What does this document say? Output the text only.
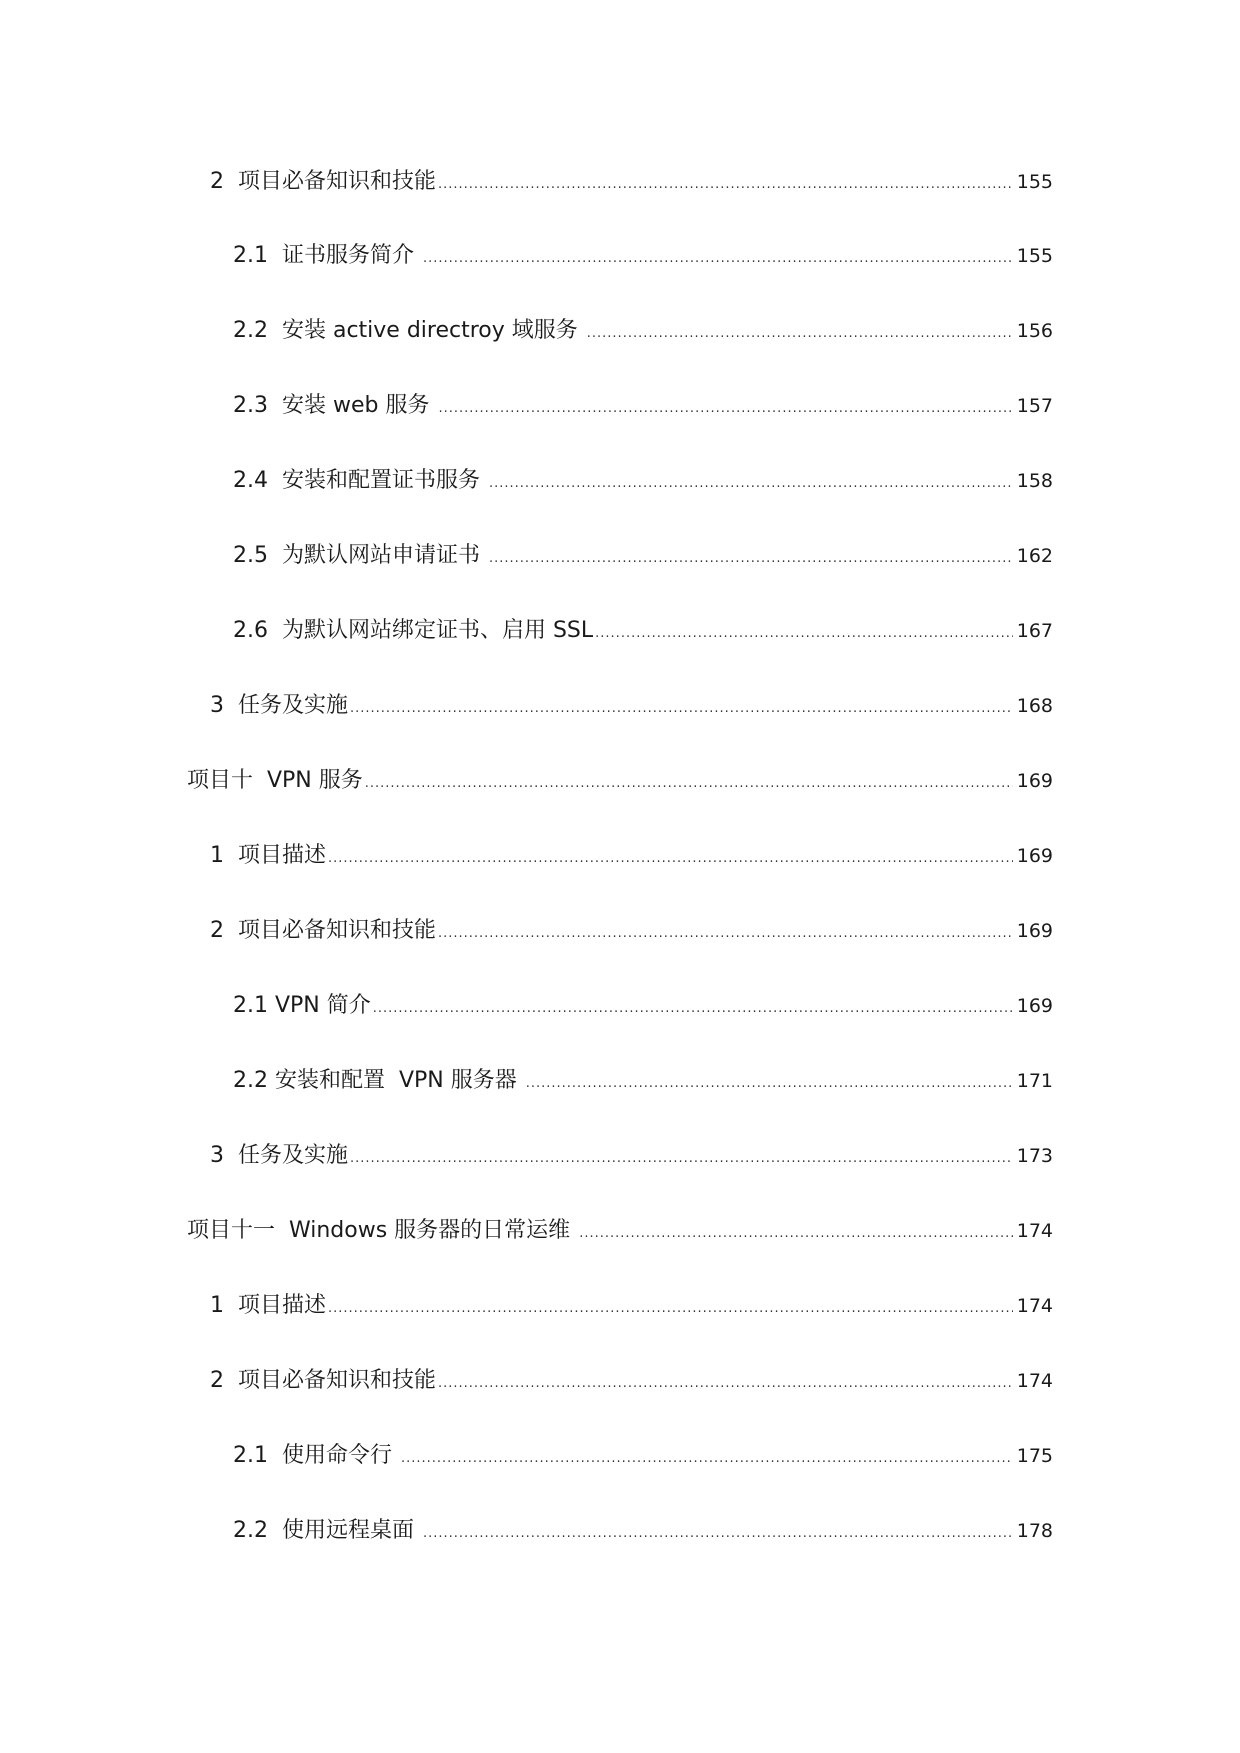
2  项目必备知识和技能 .....	155
2.1  证书服务简介 .....	155
2.2  安装 active directroy 域服务 .....	156
2.3  安装 web 服务 .....	157
2.4  安装和配置证书服务 .....	158
2.5  为默认网站申请证书 .....	162
2.6  为默认网站绑定证书、启用 SSL .....	167
3  任务及实施 .....	168
项目十  VPN 服务 .....	169
1  项目描述 .....	169
2  项目必备知识和技能 .....	169
2.1 VPN 简介 .....	169
2.2 安装和配置  VPN 服务器 .....	171
3  任务及实施 .....	173
项目十一  Windows 服务器的日常运维 .....	174
1  项目描述 .....	174
2  项目必备知识和技能 .....	174
2.1  使用命令行 .....	175
2.2  使用远程桌面 .....	178
